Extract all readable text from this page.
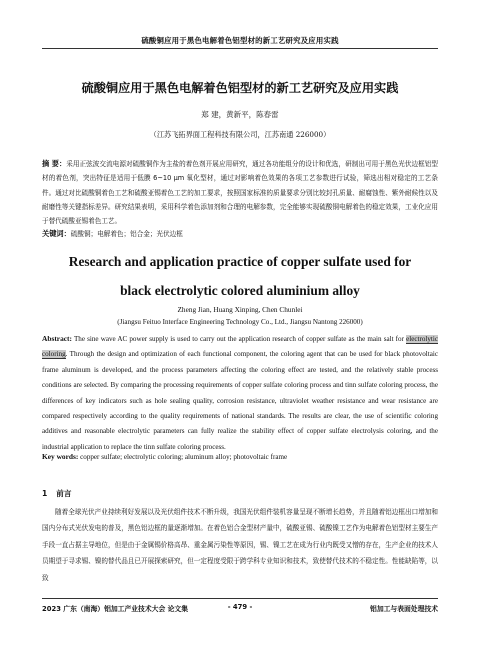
硫酸铜应用于黑色电解着色铝型材的新工艺研究及应用实践
硫酸铜应用于黑色电解着色铝型材的新工艺研究及应用实践
郑 建，黄新平，陈春雷
（江苏飞拓界面工程科技有限公司，江苏南通 226000）
摘 要：采用正弦波交流电源对硫酸铜作为主盐的着色剂开展应用研究，通过各功能组分的设计和优选，研制出可用于黑色光伏边框铝型材的着色剂，突出特征是适用于低膜 6~10 μm 氧化型材，通过对影响着色效果的各项工艺参数进行试验，筛选出相对稳定的工艺条件。通过对比硫酸铜着色工艺和硫酸亚锡着色工艺的加工要求，按照国家标准的质量要求分别比较封孔质量、耐腐蚀性、紫外耐候性以及耐磨性等关键指标差异。研究结果表明，采用科学着色添加剂和合理的电解参数，完全能够实现硫酸铜电解着色的稳定效果，工业化应用于替代硫酸亚锡着色工艺。
关键词：硫酸铜；电解着色；铝合金；光伏边框
Research and application practice of copper sulfate used for black electrolytic colored aluminium alloy
Zheng Jian, Huang Xinping, Chen Chunlei
(Jiangsu Feituo Interface Engineering Technology Co., Ltd., Jiangsu Nantong 226000)
Abstract: The sine wave AC power supply is used to carry out the application research of copper sulfate as the main salt for electrolytic coloring. Through the design and optimization of each functional component, the coloring agent that can be used for black photovoltaic frame aluminum is developed, and the process parameters affecting the coloring effect are tested, and the relatively stable process conditions are selected. By comparing the processing requirements of copper sulfate coloring process and tinn sulfate coloring process, the differences of key indicators such as hole sealing quality, corrosion resistance, ultraviolet weather resistance and wear resistance are compared respectively according to the quality requirements of national standards. The results are clear, the use of scientific coloring additives and reasonable electrolytic parameters can fully realize the stability effect of copper sulfate electrolysis coloring, and the industrial application to replace the tinn sulfate coloring process.
Key words: copper sulfate; electrolytic coloring; aluminum alloy; photovoltaic frame
1 前言
随着全球光伏产业持续利好发展以及光伏组件技术不断升级，我国光伏组件装机容量呈现不断增长趋势，并且随着铝边框出口增加和国内分布式光伏发电的普及，黑色铝边框的量逐渐增加。在着色铝合金型材产量中，硫酸亚锡、硫酸镍工艺作为电解着色铝型材主要生产手段一直占据主导地位，但是由于金属锡价格高昂、重金属污染性等原因，锡、镍工艺在成为行业内既受又憎的存在，生产企业的技术人员期望于寻求锡、镍的替代品且已开展探索研究，但一定程度受限于跨学科专业知识和技术，致使替代技术的不稳定性。性能缺陷等，以致
2023 广东（南海）铝加工产业技术大会 论文集	- 479 -	铝加工与表面处理技术
